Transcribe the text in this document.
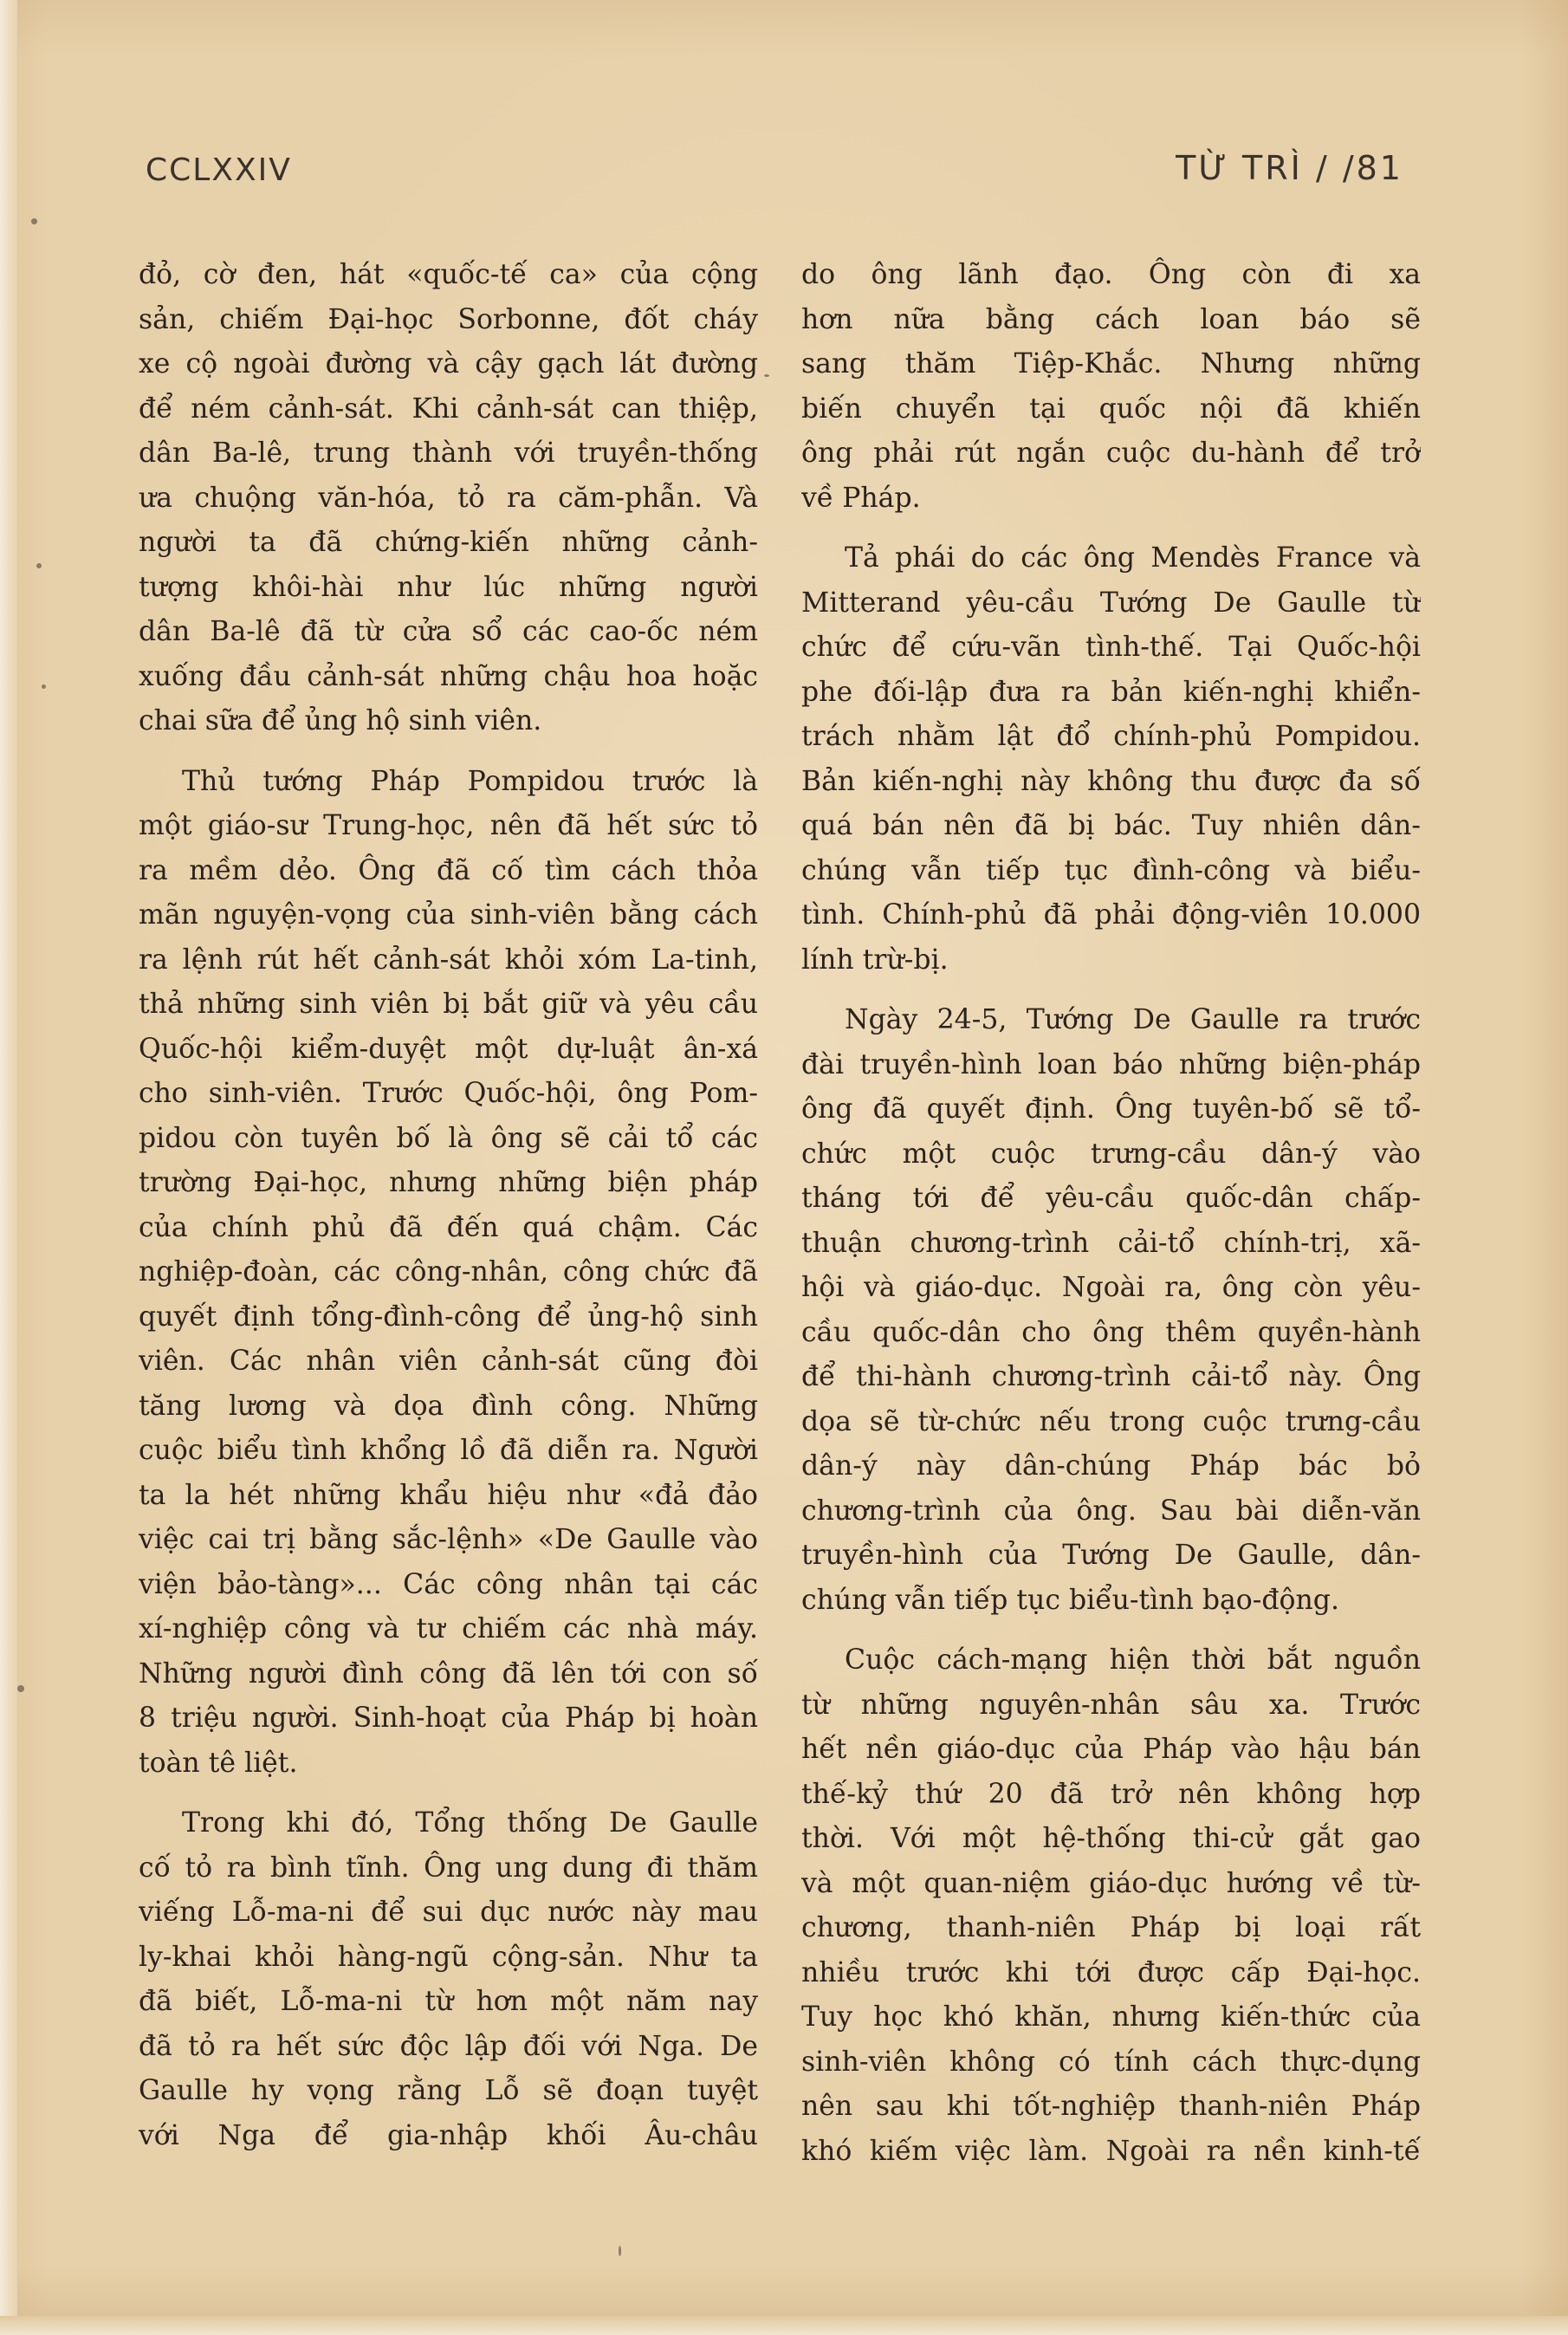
CCLXXIV	TỪ TRÌ / /81
đỏ, cờ đen, hát «quốc-tế ca» của cộng
sản, chiếm Đại-học Sorbonne, đốt cháy
xe cộ ngoài đường và cậy gạch lát đường
để ném cảnh-sát. Khi cảnh-sát can thiệp,
dân Ba-lê, trung thành với truyền-thống
ưa chuộng văn-hóa, tỏ ra căm-phẫn. Và
người ta đã chứng-kiến những cảnh-
tượng khôi-hài như lúc những người
dân Ba-lê đã từ cửa sổ các cao-ốc ném
xuống đầu cảnh-sát những chậu hoa hoặc
chai sữa để ủng hộ sinh viên.
Thủ tướng Pháp Pompidou trước là
một giáo-sư Trung-học, nên đã hết sức tỏ
ra mềm dẻo. Ông đã cố tìm cách thỏa
mãn nguyện-vọng của sinh-viên bằng cách
ra lệnh rút hết cảnh-sát khỏi xóm La-tinh,
thả những sinh viên bị bắt giữ và yêu cầu
Quốc-hội kiểm-duyệt một dự-luật ân-xá
cho sinh-viên. Trước Quốc-hội, ông Pom-
pidou còn tuyên bố là ông sẽ cải tổ các
trường Đại-học, nhưng những biện pháp
của chính phủ đã đến quá chậm. Các
nghiệp-đoàn, các công-nhân, công chức đã
quyết định tổng-đình-công để ủng-hộ sinh
viên. Các nhân viên cảnh-sát cũng đòi
tăng lương và dọa đình công. Những
cuộc biểu tình khổng lồ đã diễn ra. Người
ta la hét những khẩu hiệu như «đả đảo
việc cai trị bằng sắc-lệnh» «De Gaulle vào
viện bảo-tàng»... Các công nhân tại các
xí-nghiệp công và tư chiếm các nhà máy.
Những người đình công đã lên tới con số
8 triệu người. Sinh-hoạt của Pháp bị hoàn
toàn tê liệt.
Trong khi đó, Tổng thống De Gaulle
cố tỏ ra bình tĩnh. Ông ung dung đi thăm
viếng Lỗ-ma-ni để sui dục nước này mau
ly-khai khỏi hàng-ngũ cộng-sản. Như ta
đã biết, Lỗ-ma-ni từ hơn một năm nay
đã tỏ ra hết sức độc lập đối với Nga. De
Gaulle hy vọng rằng Lỗ sẽ đoạn tuyệt
với Nga để gia-nhập khối Âu-châu
do ông lãnh đạo. Ông còn đi xa
hơn nữa bằng cách loan báo sẽ
sang thăm Tiệp-Khắc. Nhưng những
biến chuyển tại quốc nội đã khiến
ông phải rút ngắn cuộc du-hành để trở
về Pháp.
Tả phái do các ông Mendès France và
Mitterand yêu-cầu Tướng De Gaulle từ
chức để cứu-vãn tình-thế. Tại Quốc-hội
phe đối-lập đưa ra bản kiến-nghị khiển-
trách nhằm lật đổ chính-phủ Pompidou.
Bản kiến-nghị này không thu được đa số
quá bán nên đã bị bác. Tuy nhiên dân-
chúng vẫn tiếp tục đình-công và biểu-
tình. Chính-phủ đã phải động-viên 10.000
lính trừ-bị.
Ngày 24-5, Tướng De Gaulle ra trước
đài truyền-hình loan báo những biện-pháp
ông đã quyết định. Ông tuyên-bố sẽ tổ-
chức một cuộc trưng-cầu dân-ý vào
tháng tới để yêu-cầu quốc-dân chấp-
thuận chương-trình cải-tổ chính-trị, xã-
hội và giáo-dục. Ngoài ra, ông còn yêu-
cầu quốc-dân cho ông thêm quyền-hành
để thi-hành chương-trình cải-tổ này. Ông
dọa sẽ từ-chức nếu trong cuộc trưng-cầu
dân-ý này dân-chúng Pháp bác bỏ
chương-trình của ông. Sau bài diễn-văn
truyền-hình của Tướng De Gaulle, dân-
chúng vẫn tiếp tục biểu-tình bạo-động.
Cuộc cách-mạng hiện thời bắt nguồn
từ những nguyên-nhân sâu xa. Trước
hết nền giáo-dục của Pháp vào hậu bán
thế-kỷ thứ 20 đã trở nên không hợp
thời. Với một hệ-thống thi-cử gắt gao
và một quan-niệm giáo-dục hướng về từ-
chương, thanh-niên Pháp bị loại rất
nhiều trước khi tới được cấp Đại-học.
Tuy học khó khăn, nhưng kiến-thức của
sinh-viên không có tính cách thực-dụng
nên sau khi tốt-nghiệp thanh-niên Pháp
khó kiếm việc làm. Ngoài ra nền kinh-tế
